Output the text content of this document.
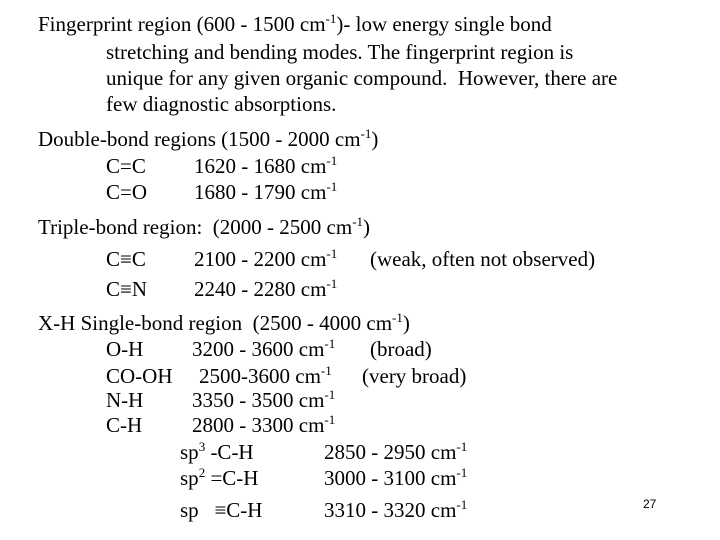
Fingerprint region (600 - 1500 $cm^{-1})-$ low energy single bond
stretching and bending modes. The fingerprint region is
unique for any given organic compound.  However, there are
few diagnostic absorptions.
Double-bond regions (1500 - 2000 $cm^{-1}$)
C=C 1620 - 1680 $cm^{-1}$
C=O 1680 - 1790 $cm^{-1}$
Triple-bond region:  (2000 - 2500 $cm^{-1}$)
C≡C 2100 - 2200 $cm^{-1}$ (weak, often not observed)
C≡N 2240 - 2280 $cm^{-1}$
X-H Single-bond region  (2500 - 4000 $cm^{-1}$)
O-H 3200 - 3600 $cm^{-1}$ (broad)
CO-OH 2500-3600 $cm^{-1}$ (very broad)
N-H 3350 - 3500 $cm^{-1}$
C-H 2800 - 3300 $cm^{-1}$
$sp^3$ -C-H	2850 - 2950 $cm^{-1}$
$sp^2 =C-H$	3000 - 3100 $cm^{-1}$
sp   ≡C-H	3310 - 3320 $cm^{-1}$	27
